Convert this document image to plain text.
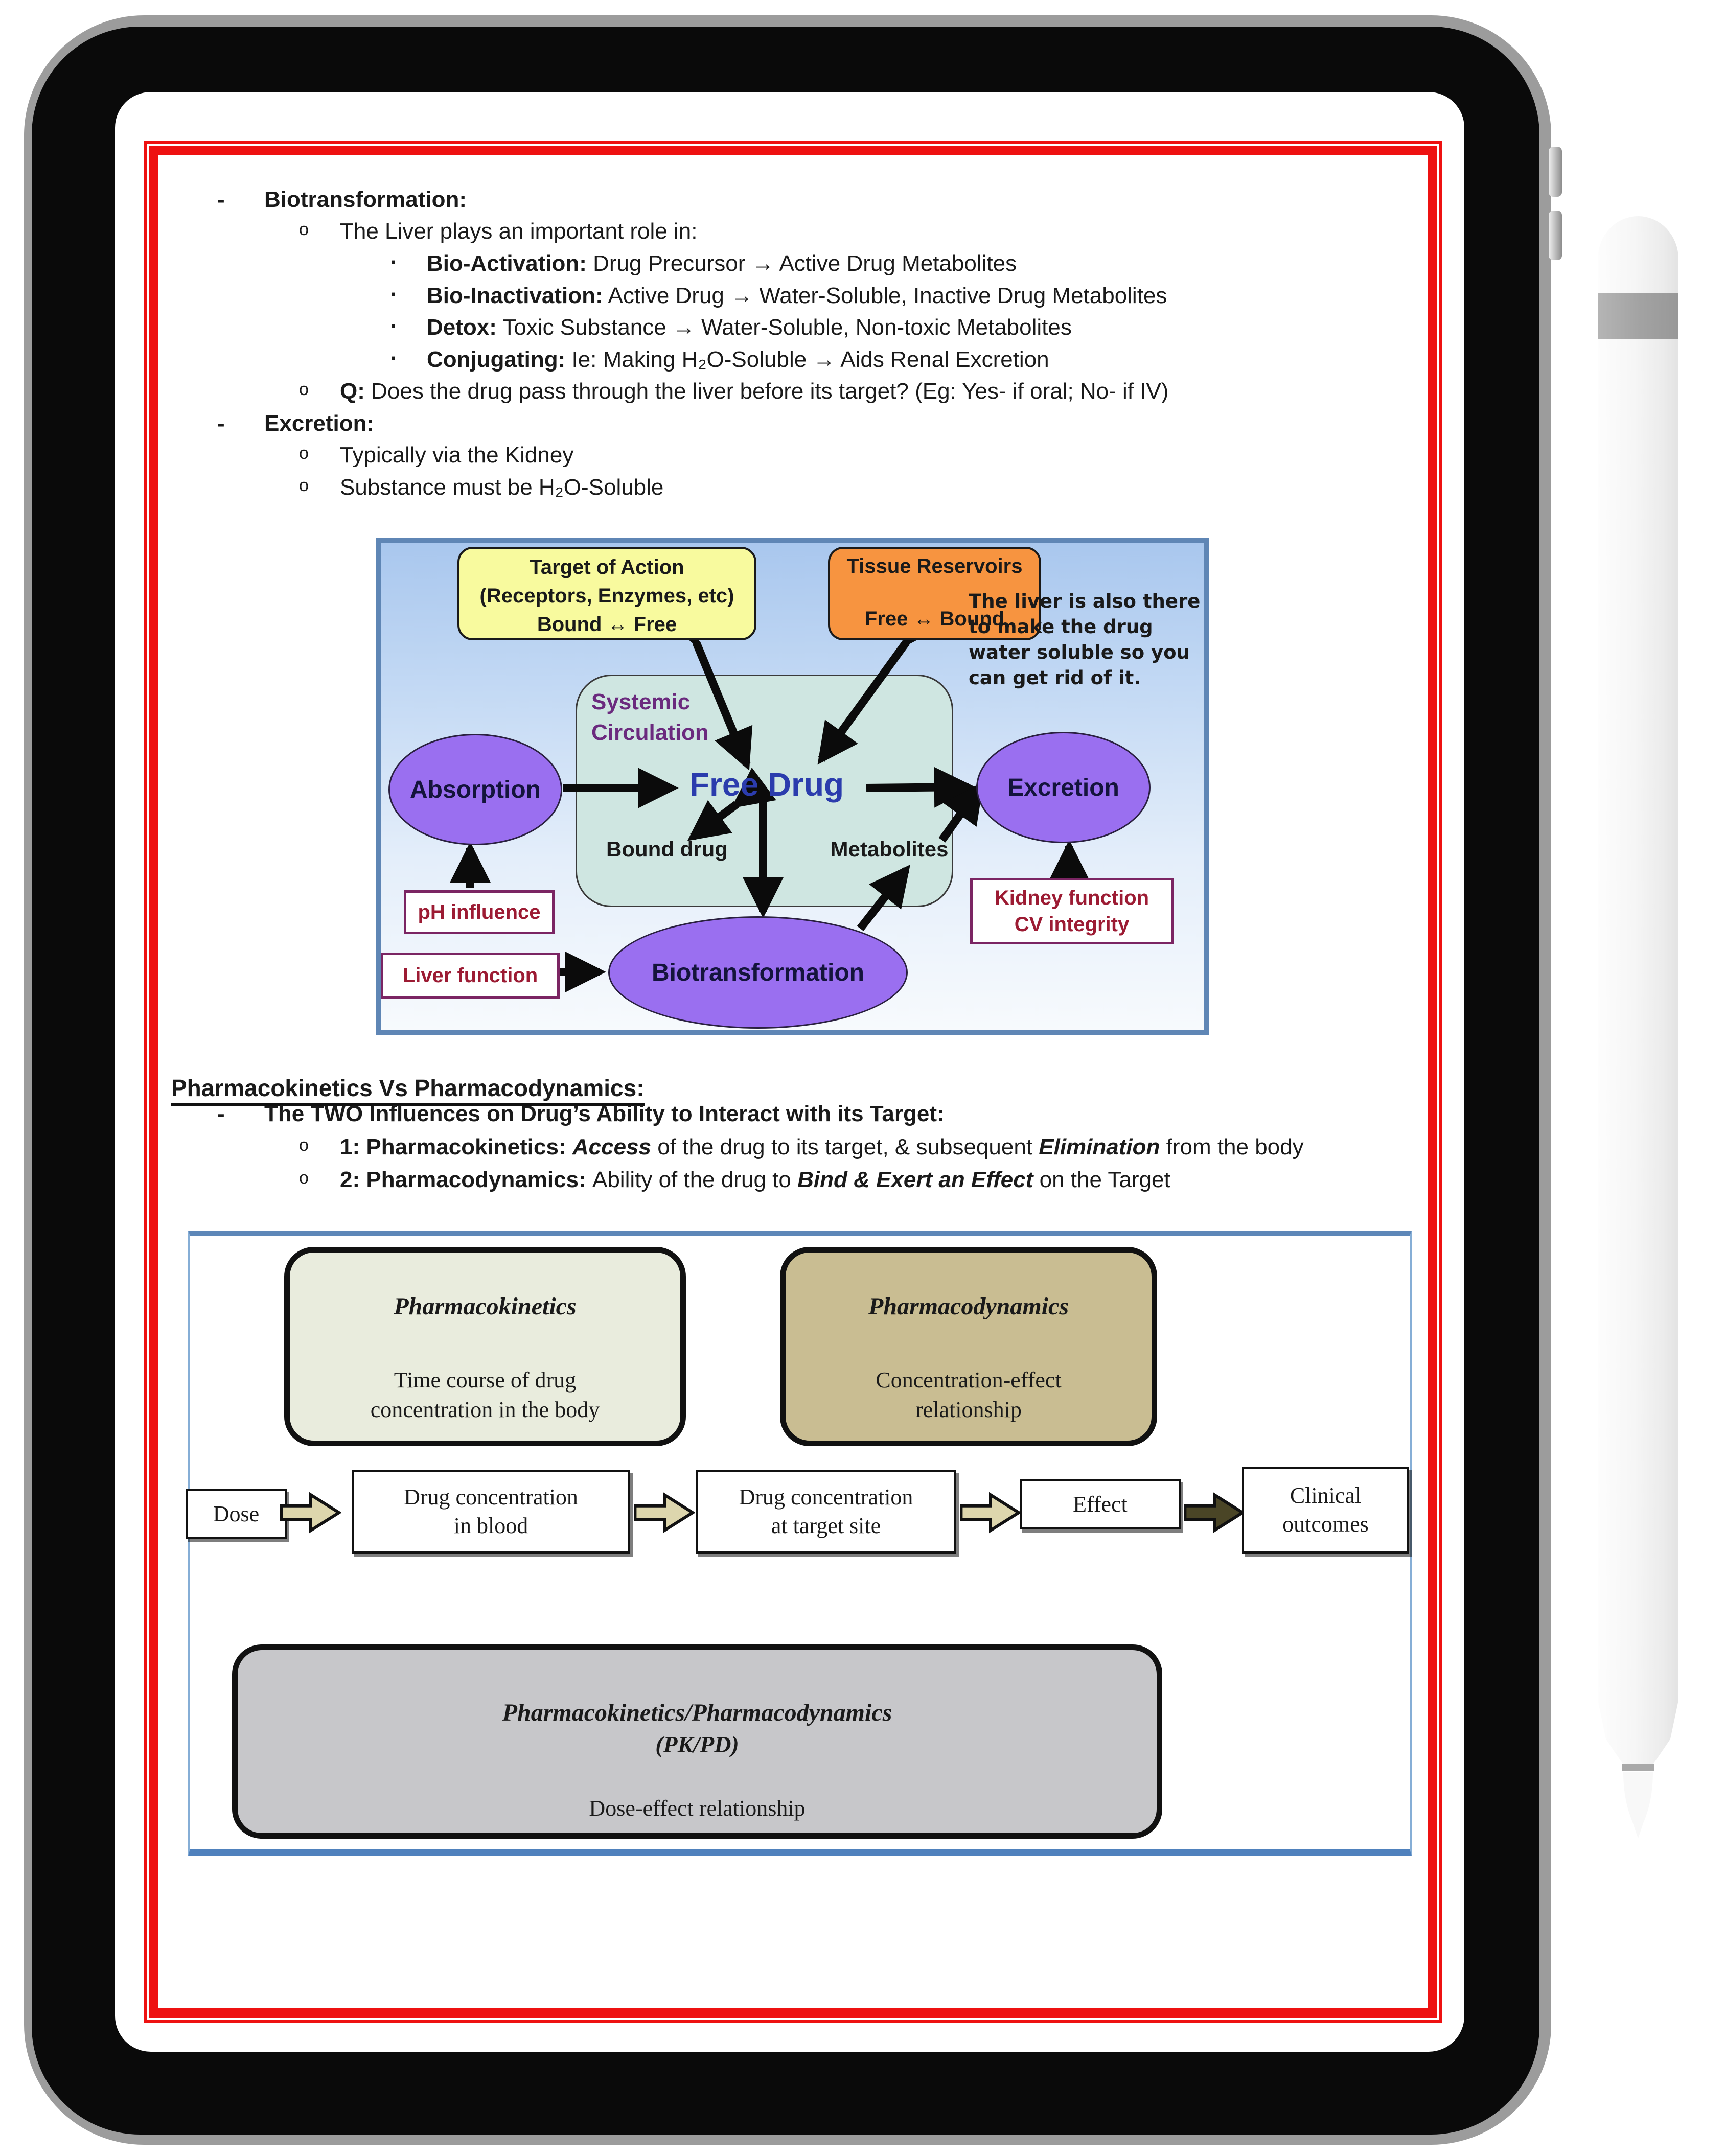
- Biotransformation:
o The Liver plays an important role in:
▪ Bio-Activation: Drug Precursor → Active Drug Metabolites
▪ Bio-Inactivation: Active Drug → Water-Soluble, Inactive Drug Metabolites
▪ Detox: Toxic Substance → Water-Soluble, Non-toxic Metabolites
▪ Conjugating: Ie: Making H₂O-Soluble → Aids Renal Excretion
o Q: Does the drug pass through the liver before its target? (Eg: Yes- if oral; No- if IV)
- Excretion:
o Typically via the Kidney
o Substance must be H₂O-Soluble
Systemic
Circulation
Target of Action
(Receptors, Enzymes, etc)
Bound ↔ Free
Tissue Reservoirs
Free ↔ Bound
The liver is also there
to make the drug
water soluble so you
can get rid of it.
Absorption	Excretion
Biotransformation
Free Drug
Bound drug	Metabolites
pH influence
Liver function
Kidney function
CV integrity
Pharmacokinetics Vs Pharmacodynamics:
- The TWO Influences on Drug’s Ability to Interact with its Target:
o 1: Pharmacokinetics: Access of the drug to its target, & subsequent Elimination from the body
o 2: Pharmacodynamics: Ability of the drug to Bind & Exert an Effect on the Target
Pharmacokinetics
Time course of drug
concentration in the body
Pharmacodynamics
Concentration-effect
relationship
Dose
Drug concentration
in blood
Drug concentration
at target site
Effect	Clinical
outcomes
Pharmacokinetics/Pharmacodynamics
(PK/PD)
Dose-effect relationship
